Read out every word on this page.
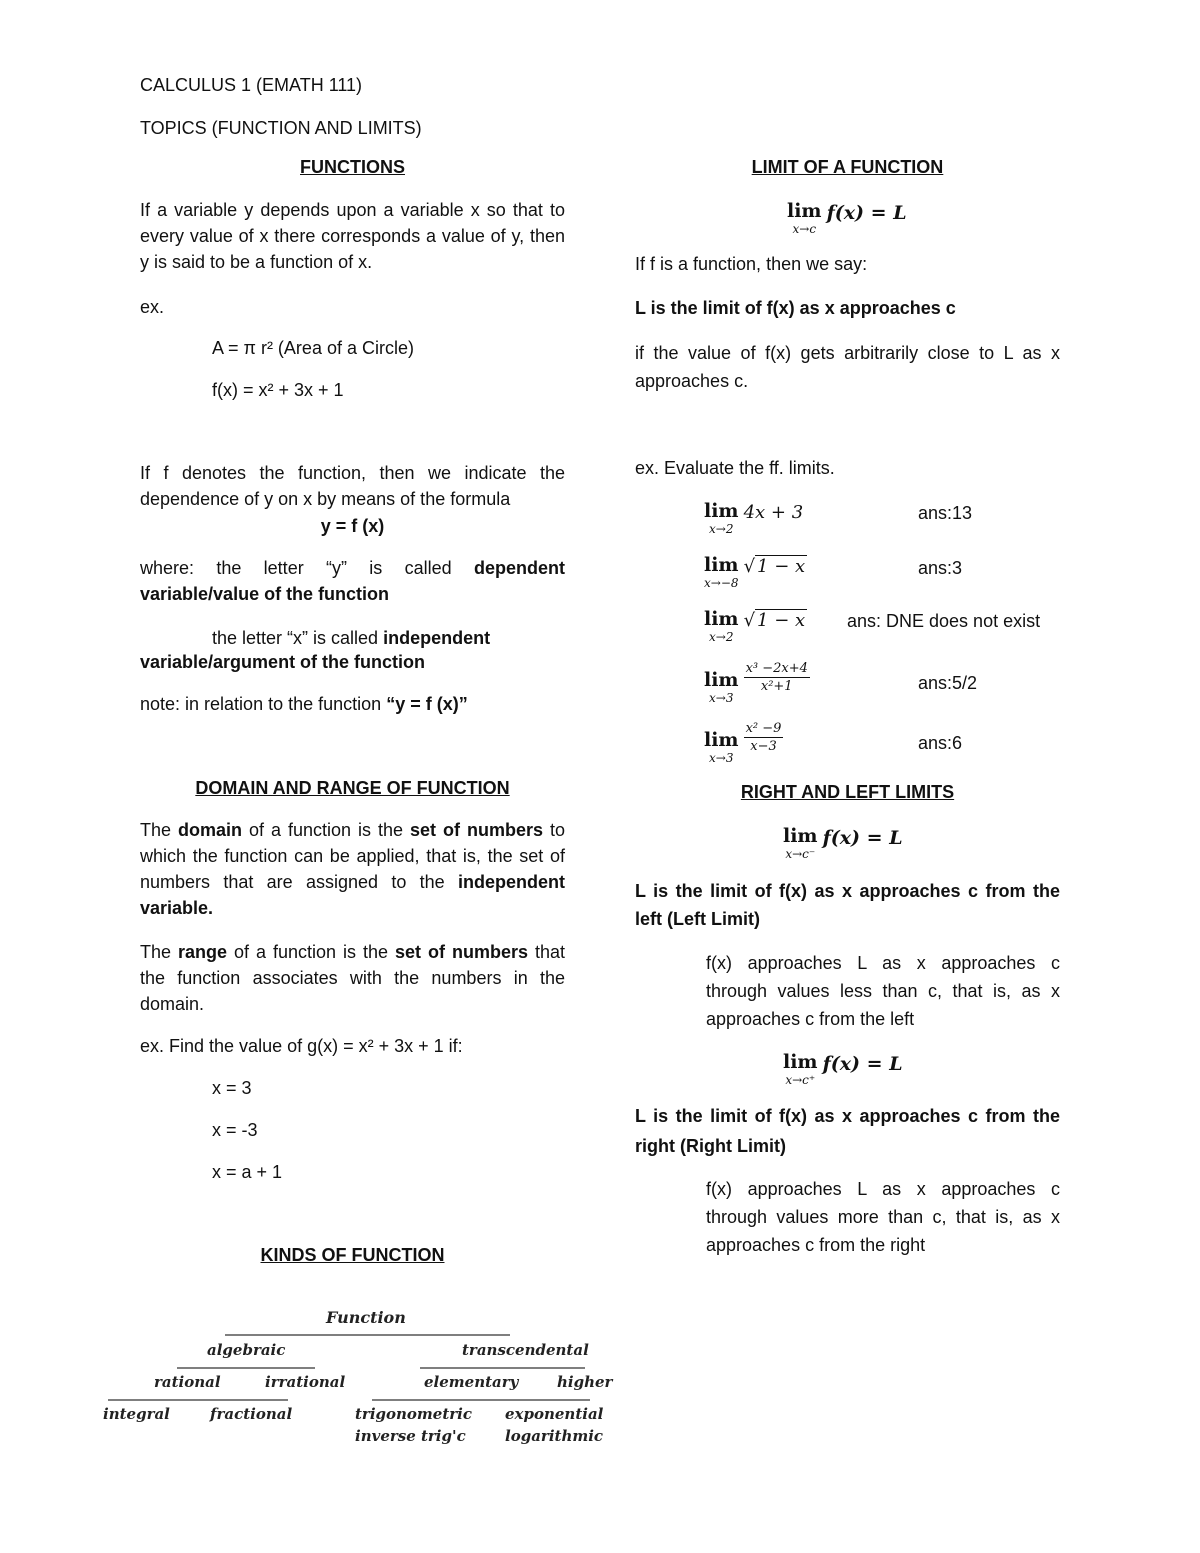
CALCULUS 1 (EMATH 111)
TOPICS (FUNCTION AND LIMITS)
FUNCTIONS
If a variable y depends upon a variable x so that to every value of x there corresponds a value of y, then y is said to be a function of x.
ex.
A = π r² (Area of a Circle)
f(x) = x² + 3x + 1
If f denotes the function, then we indicate the dependence of y on x by means of the formula
y = f (x)
where: the letter “y” is called dependent variable/value of the function
the letter “x” is called independent
variable/argument of the function
note: in relation to the function “y = f (x)”
DOMAIN AND RANGE OF FUNCTION
The domain of a function is the set of numbers to which the function can be applied, that is, the set of numbers that are assigned to the independent variable.
The range of a function is the set of numbers that the function associates with the numbers in the domain.
ex. Find the value of g(x) = x² + 3x + 1 if:
x = 3
x = -3
x = a + 1
KINDS OF FUNCTION
Function
algebraic	transcendental
rational	irrational	elementary	higher
integral	fractional	trigonometric exponential
inverse trig'c	logarithmic
LIMIT OF A FUNCTION
lim
x→c
f(x) = L
If f is a function, then we say:
L is the limit of f(x) as x approaches c
if the value of f(x) gets arbitrarily close to L as x approaches c.
ex. Evaluate the ff. limits.
lim
x→2
4x + 3	ans:13
lim
x→−8
√ 1 − x	ans:3
lim
x→2
√ 1 − x ans: DNE does not exist
lim
x→3

$\frac{\text{x³ −2x+4}}{\text{x²+1}}$	ans:5/2
lim
x→3

$\frac{\text{x² −9}}{x-3}$	ans:6
RIGHT AND LEFT LIMITS
lim
x→c⁻
f(x) = L
L is the limit of f(x) as x approaches c from the left (Left Limit)
f(x) approaches L as x approaches c through values less than c, that is, as x approaches c from the left
lim
x→c⁺
f(x) = L
L is the limit of f(x) as x approaches c from the right (Right Limit)
f(x) approaches L as x approaches c through values more than c, that is, as x approaches c from the right
